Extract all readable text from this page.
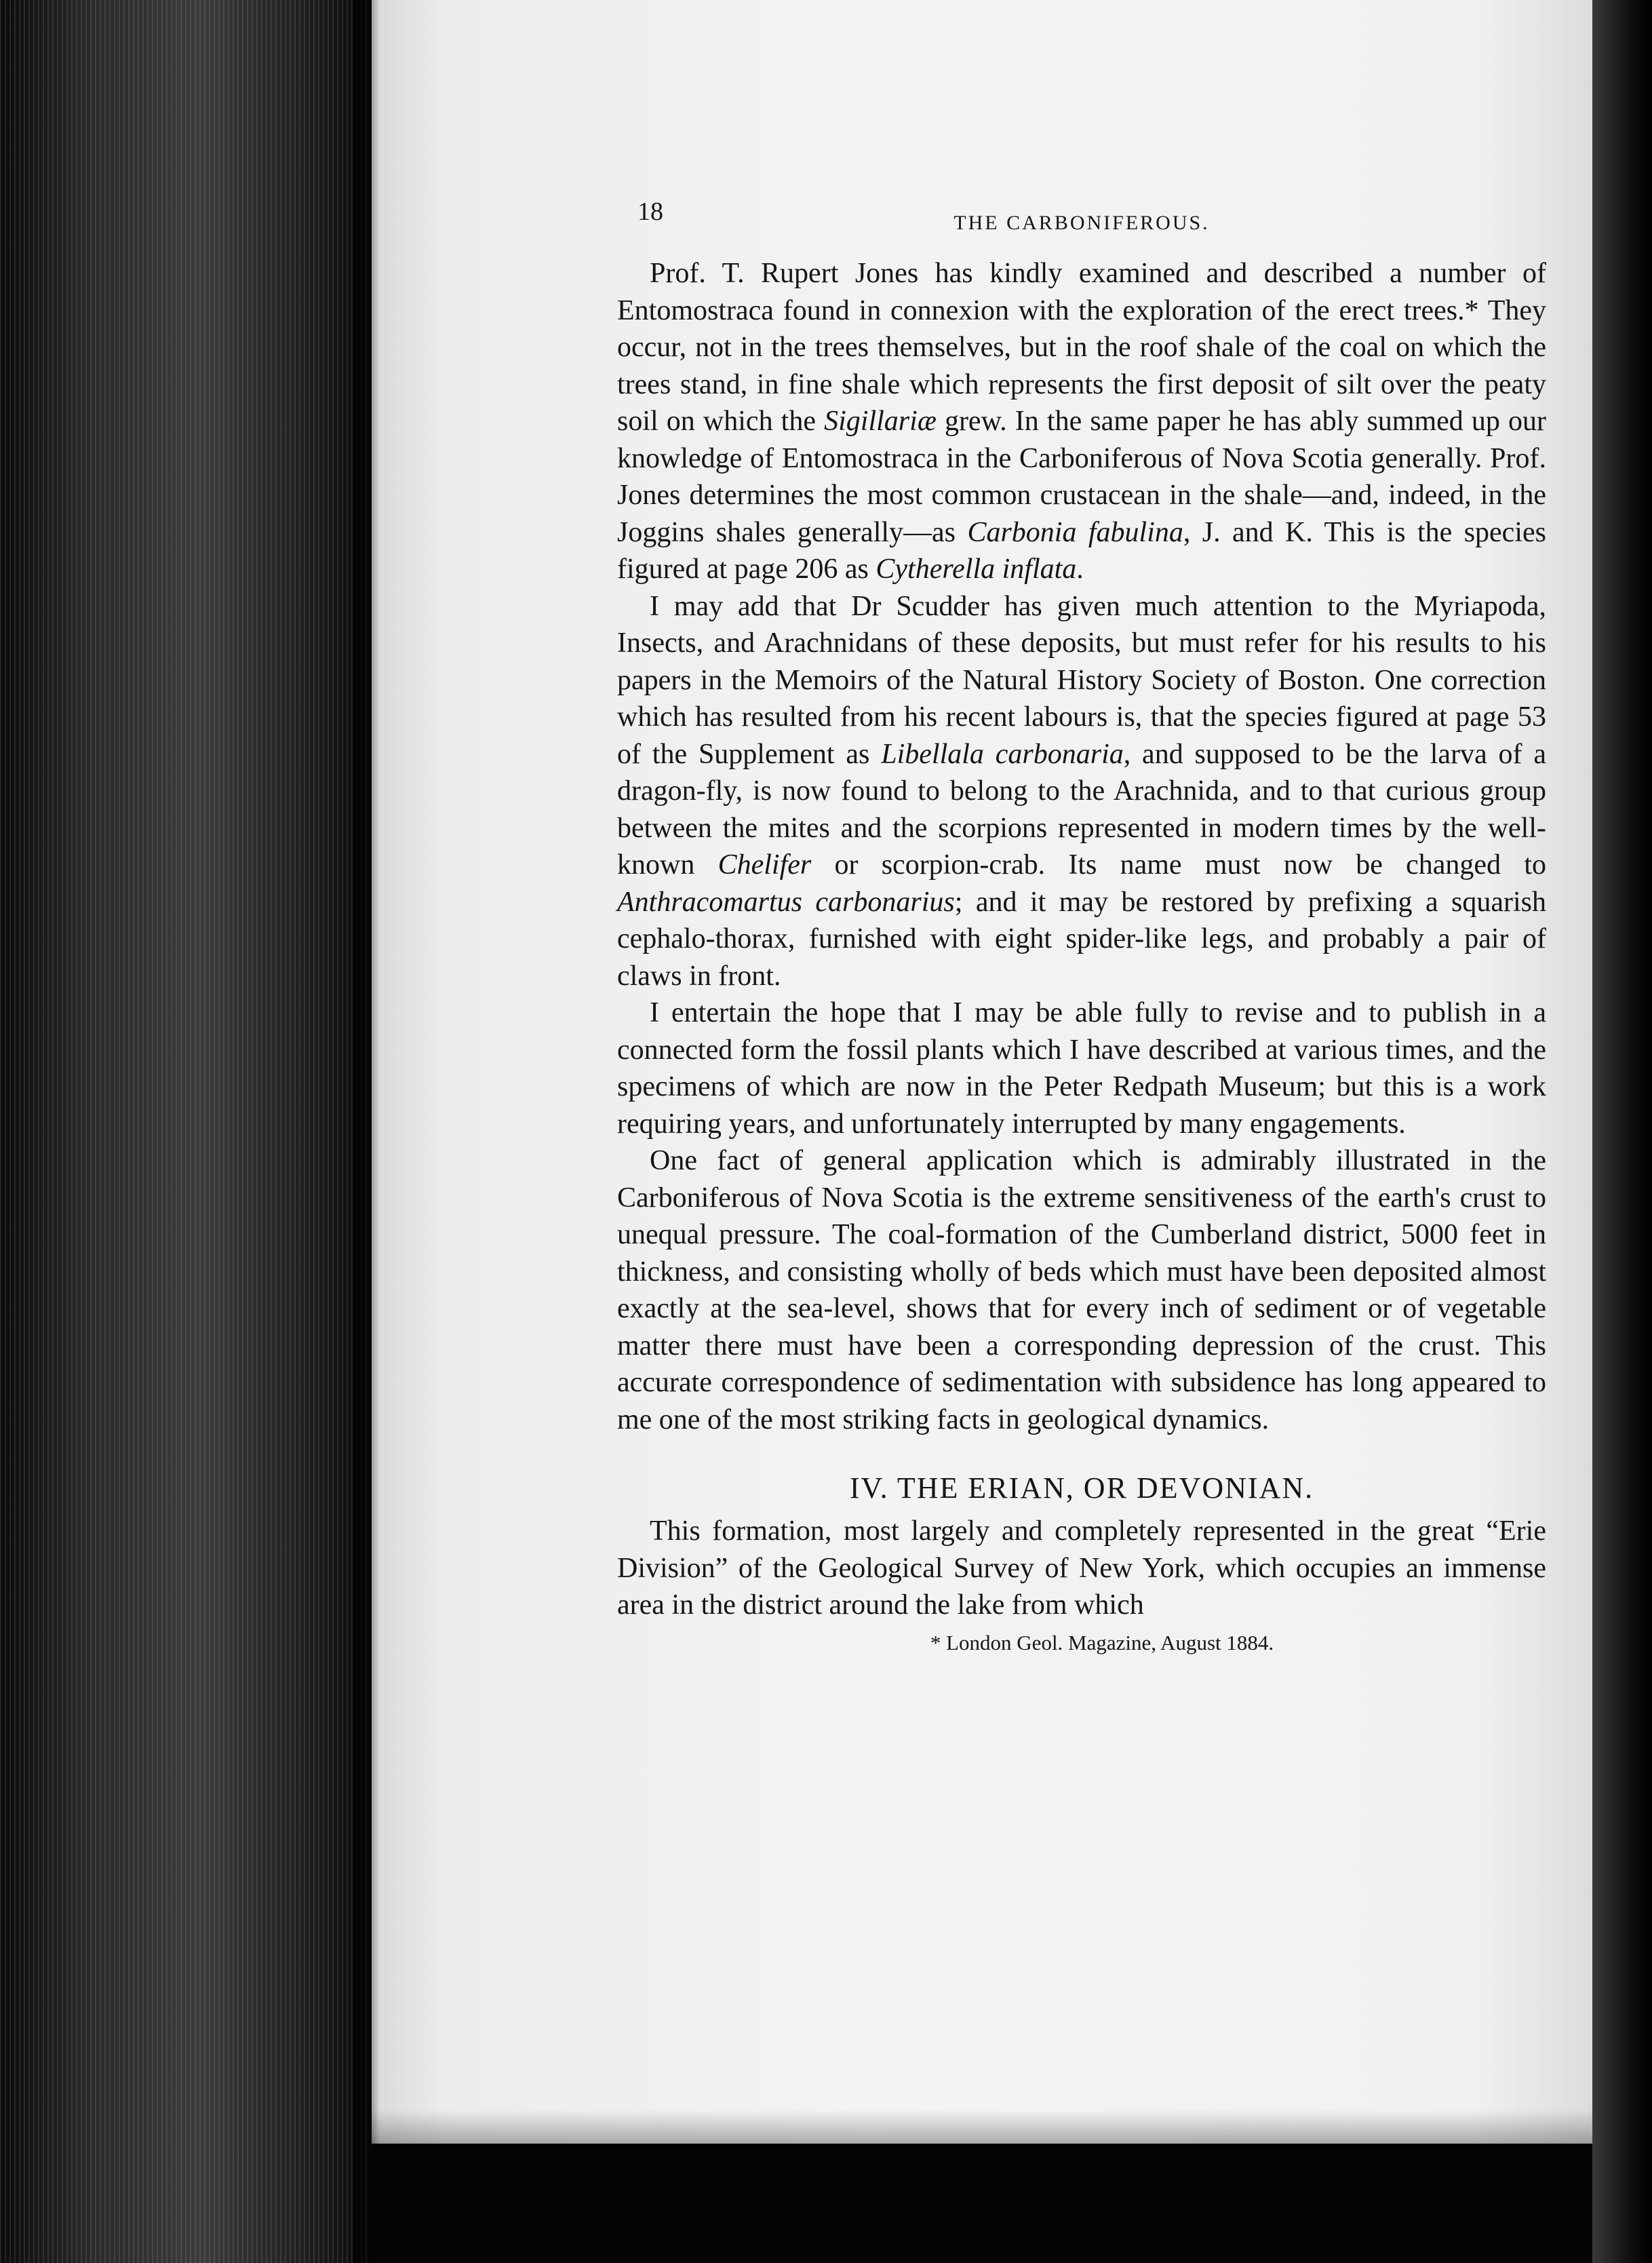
18	THE CARBONIFEROUS.

Prof. T. Rupert Jones has kindly examined and described a number of Entomostraca found in connexion with the exploration of the erect trees.* They occur, not in the trees themselves, but in the roof shale of the coal on which the trees stand, in fine shale which represents the first deposit of silt over the peaty soil on which the Sigillariæ grew. In the same paper he has ably summed up our knowledge of Entomostraca in the Carboniferous of Nova Scotia generally. Prof. Jones determines the most common crustacean in the shale—and, indeed, in the Joggins shales generally—as Carbonia fabulina, J. and K. This is the species figured at page 206 as Cytherella inflata.

I may add that Dr Scudder has given much attention to the Myriapoda, Insects, and Arachnidans of these deposits, but must refer for his results to his papers in the Memoirs of the Natural History Society of Boston. One correction which has resulted from his recent labours is, that the species figured at page 53 of the Supplement as Libellala carbonaria, and supposed to be the larva of a dragon-fly, is now found to belong to the Arachnida, and to that curious group between the mites and the scorpions represented in modern times by the well-known Chelifer or scorpion-crab. Its name must now be changed to Anthracomartus carbonarius; and it may be restored by prefixing a squarish cephalo-thorax, furnished with eight spider-like legs, and probably a pair of claws in front.

I entertain the hope that I may be able fully to revise and to publish in a connected form the fossil plants which I have described at various times, and the specimens of which are now in the Peter Redpath Museum; but this is a work requiring years, and unfortunately interrupted by many engagements.

One fact of general application which is admirably illustrated in the Carboniferous of Nova Scotia is the extreme sensitiveness of the earth's crust to unequal pressure. The coal-formation of the Cumberland district, 5000 feet in thickness, and consisting wholly of beds which must have been deposited almost exactly at the sea-level, shows that for every inch of sediment or of vegetable matter there must have been a corresponding depression of the crust. This accurate correspondence of sedimentation with subsidence has long appeared to me one of the most striking facts in geological dynamics.

IV. THE ERIAN, OR DEVONIAN.

This formation, most largely and completely represented in the great “Erie Division” of the Geological Survey of New York, which occupies an immense area in the district around the lake from which

* London Geol. Magazine, August 1884.
